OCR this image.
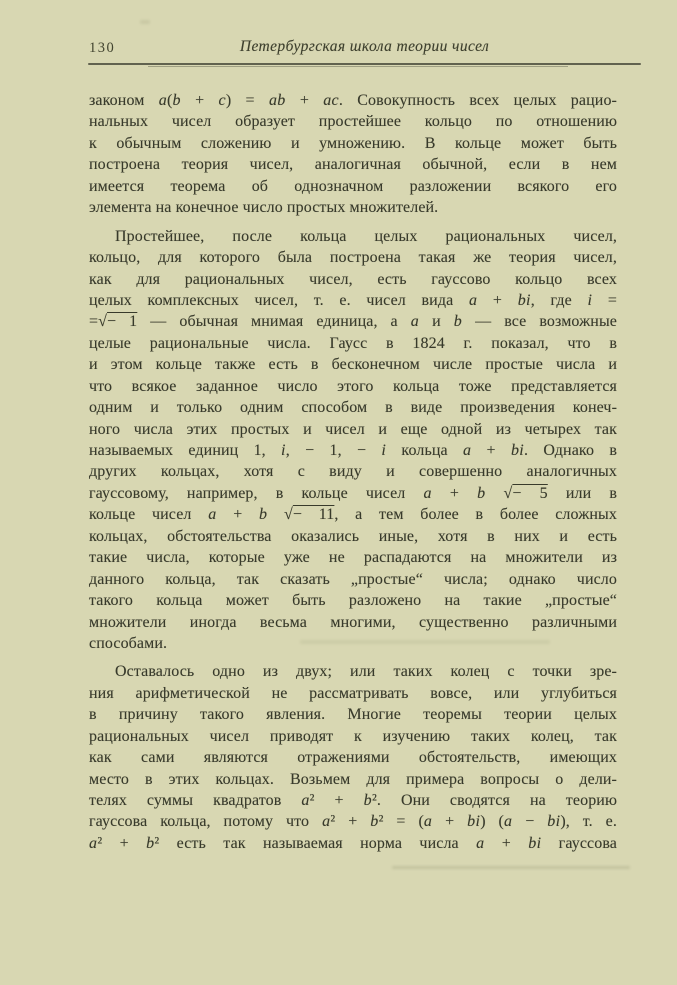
130	Петербургская школа теории чисел
законом a(b + c) = ab + ac. Совокупность всех целых рацио-
нальных чисел образует простейшее кольцо по отношению
к обычным сложению и умножению. В кольце может быть
построена теория чисел, аналогичная обычной, если в нем
имеется теорема об однозначном разложении всякого его
элемента на конечное число простых множителей.
Простейшее, после кольца целых рациональных чисел,
кольцо, для которого была построена такая же теория чисел,
как для рациональных чисел, есть гауссово кольцо всех
целых комплексных чисел, т. е. чисел вида a + bi, где i =
=√− 1 — обычная мнимая единица, а a и b — все возможные
целые рациональные числа. Гаусс в 1824 г. показал, что в
и этом кольце также есть в бесконечном числе простые числа и
что всякое заданное число этого кольца тоже представляется
одним и только одним способом в виде произведения конеч-
ного числа этих простых и чисел и еще одной из четырех так
называемых единиц 1, i, − 1, − i кольца a + bi. Однако в
других кольцах, хотя с виду и совершенно аналогичных
гауссовому, например, в кольце чисел a + b √− 5 или в
кольце чисел a + b √− 11, а тем более в более сложных
кольцах, обстоятельства оказались иные, хотя в них и есть
такие числа, которые уже не распадаются на множители из
данного кольца, так сказать „простые“ числа; однако число
такого кольца может быть разложено на такие „простые“
множители иногда весьма многими, существенно различными
способами.
Оставалось одно из двух; или таких колец с точки зре-
ния арифметической не рассматривать вовсе, или углубиться
в причину такого явления. Многие теоремы теории целых
рациональных чисел приводят к изучению таких колец, так
как сами являются отражениями обстоятельств, имеющих
место в этих кольцах. Возьмем для примера вопросы о дели-
телях суммы квадратов a² + b². Они сводятся на теорию
гауссова кольца, потому что a² + b² = (a + bi) (a − bi), т. е.
a² + b² есть так называемая норма числа a + bi гауссова
